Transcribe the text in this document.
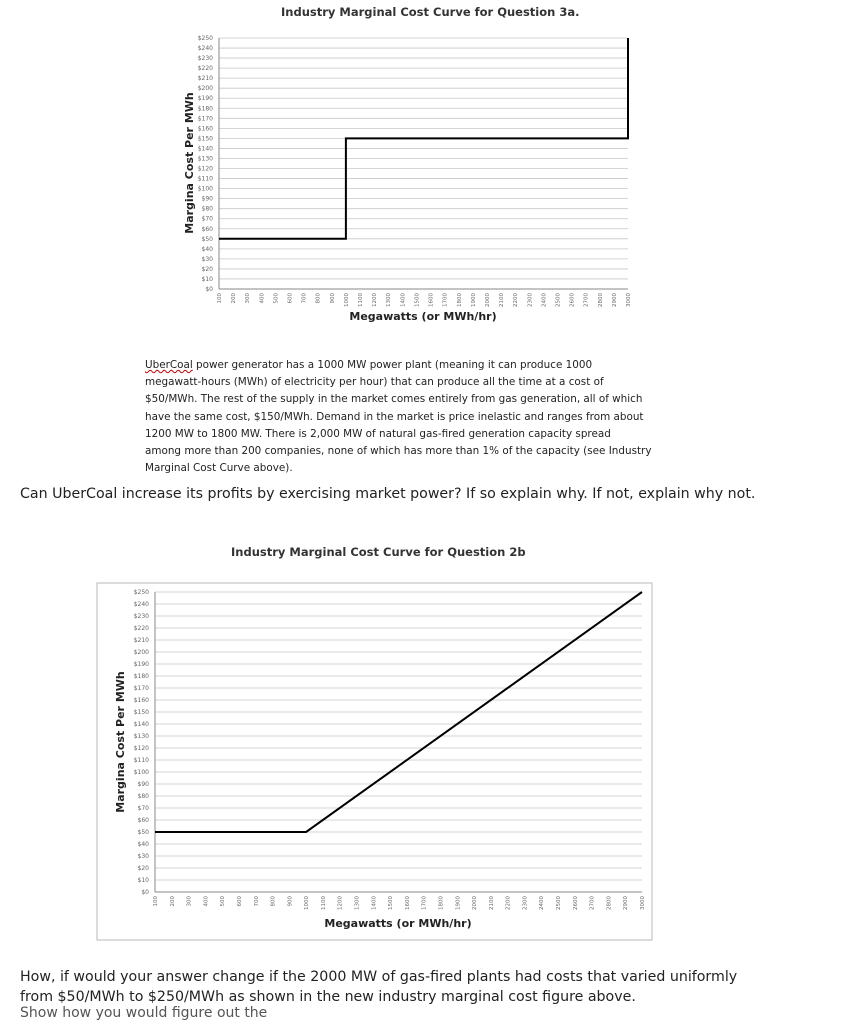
Industry Marginal Cost Curve for Question 3a.
$250
$240
$230
$220
$210
$200
$190
$180
$170
$160
$150
$140
$130
$120
$110
$100
$90
$80
$70
$60
$50
$40
$30
$20
$10
$0
100 200 300 400 500 600 700 800 900 1000 1100 1200 1300 1400 1500 1600 1700 1800 1900 2000 2100 2200 2300 2400 2500 2600 2700 2800 2900 3000
Megawatts (or MWh/hr)
Margina Cost Per MWh
UberCoal power generator has a 1000 MW power plant (meaning it can produce 1000
megawatt-hours (MWh) of electricity per hour) that can produce all the time at a cost of
$50/MWh. The rest of the supply in the market comes entirely from gas generation, all of which
have the same cost, $150/MWh. Demand in the market is price inelastic and ranges from about
1200 MW to 1800 MW. There is 2,000 MW of natural gas-fired generation capacity spread
among more than 200 companies, none of which has more than 1% of the capacity (see Industry
Marginal Cost Curve above).
Can UberCoal increase its profits by exercising market power? If so explain why. If not, explain why not.
Industry Marginal Cost Curve for Question 2b
$250
$240
$230
$220
$210
$200
$190
$180
$170
$160
$150
$140
$130
$120
$110
$100
$90
$80
$70
$60
$50
$40
$30
$20
$10
$0
100 200 300 400 500 600 700 800 900 1000 1100 1200 1300 1400 1500 1600 1700 1800 1900 2000 2100 2200 2300 2400 2500 2600 2700 2800 2900 3000
Megawatts (or MWh/hr)
Margina Cost Per MWh
How, if would your answer change if the 2000 MW of gas-fired plants had costs that varied uniformly from $50/MWh to $250/MWh as shown in the new industry marginal cost figure above.
Show how you would figure out the
